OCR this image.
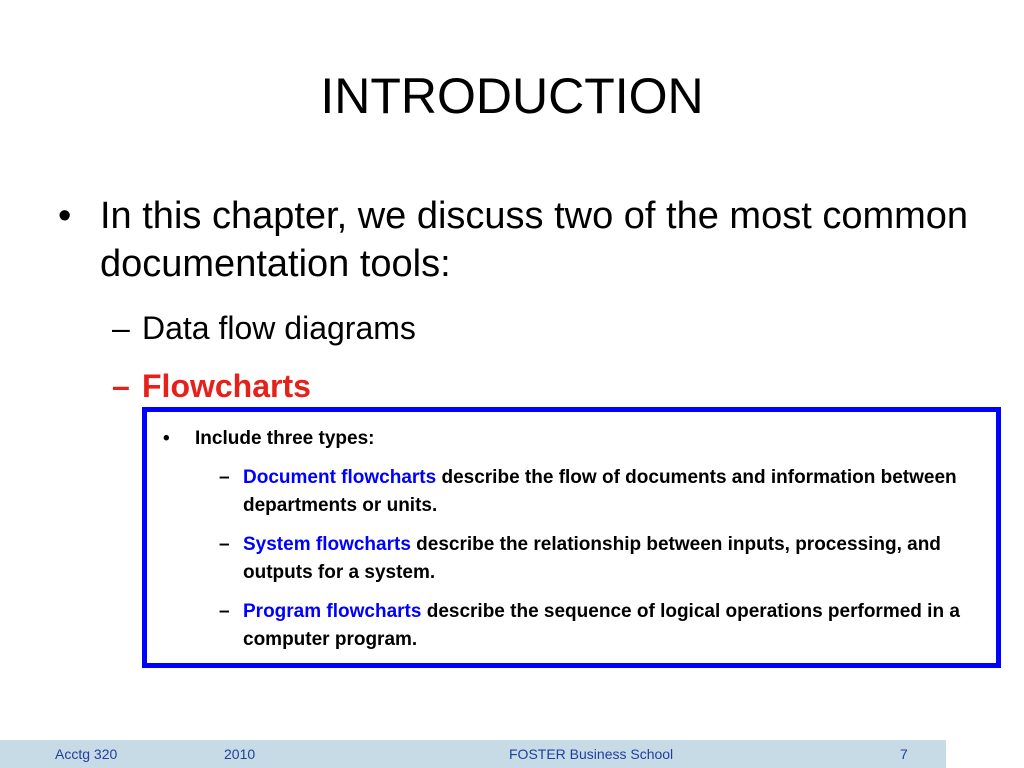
INTRODUCTION
• In this chapter, we discuss two of the most common documentation tools:
– Data flow diagrams
– Flowcharts
• Include three types:
– Document flowcharts describe the flow of documents and information between departments or units.
– System flowcharts describe the relationship between inputs, processing, and outputs for a system.
– Program flowcharts describe the sequence of logical operations performed in a computer program.
Acctg 320	2010	FOSTER Business School	7
